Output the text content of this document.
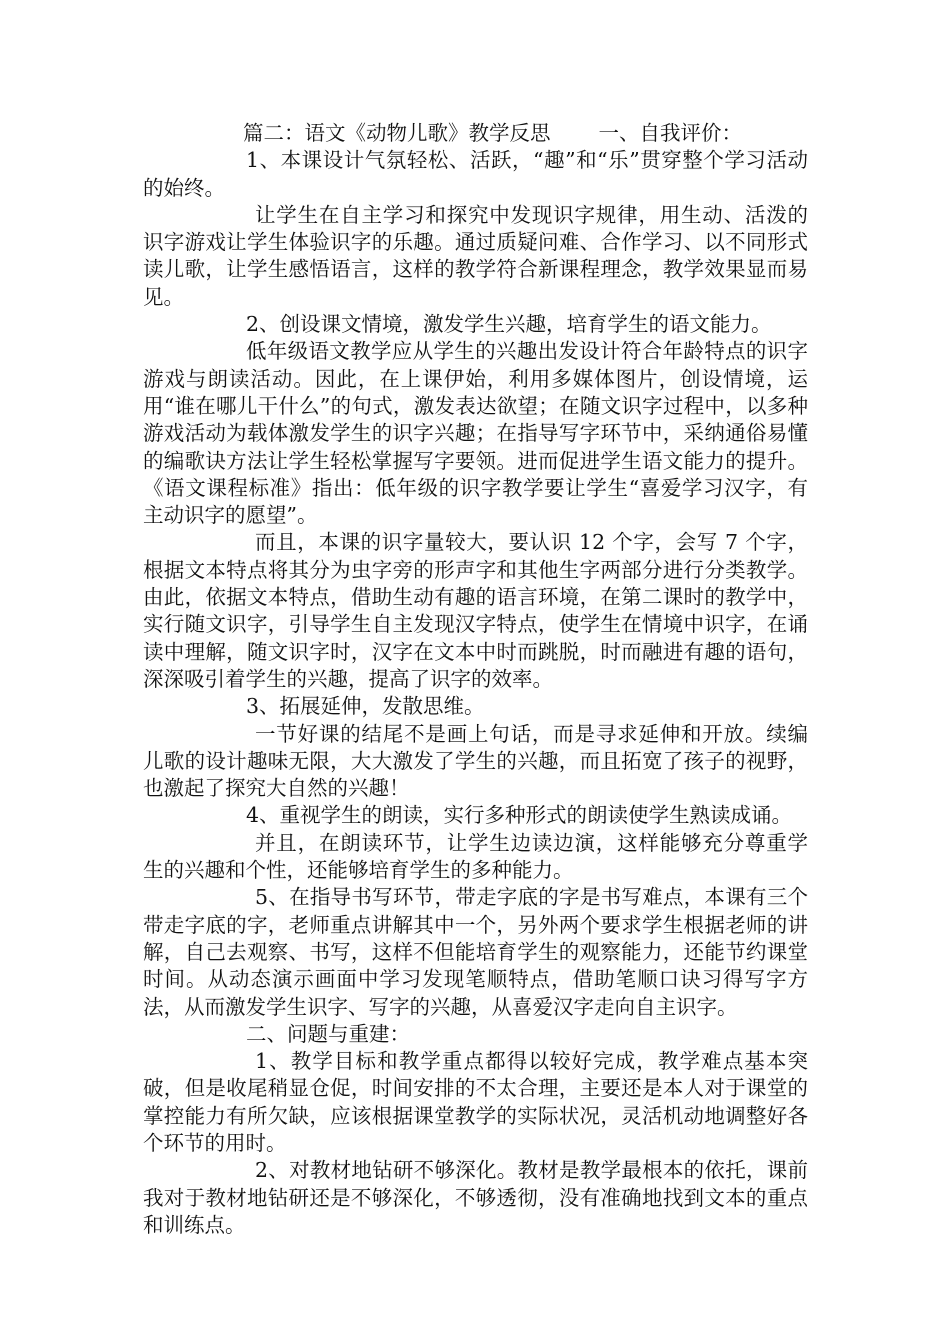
篇二：语文《动物儿歌》教学反思 一、自我评价：

1、本课设计气氛轻松、活跃，“趣”和“乐”贯穿整个学习活动的始终。

让学生在自主学习和探究中发现识字规律，用生动、活泼的识字游戏让学生体验识字的乐趣。通过质疑问难、合作学习、以不同形式读儿歌，让学生感悟语言，这样的教学符合新课程理念，教学效果显而易见。

2、创设课文情境，激发学生兴趣，培育学生的语文能力。

低年级语文教学应从学生的兴趣出发设计符合年龄特点的识字游戏与朗读活动。因此，在上课伊始，利用多媒体图片，创设情境，运用“谁在哪儿干什么”的句式，激发表达欲望；在随文识字过程中，以多种游戏活动为载体激发学生的识字兴趣；在指导写字环节中，采纳通俗易懂的编歌诀方法让学生轻松掌握写字要领。进而促进学生语文能力的提升。《语文课程标准》指出：低年级的识字教学要让学生“喜爱学习汉字，有主动识字的愿望”。

而且，本课的识字量较大，要认识 12 个字，会写 7 个字，根据文本特点将其分为虫字旁的形声字和其他生字两部分进行分类教学。由此，依据文本特点，借助生动有趣的语言环境，在第二课时的教学中，实行随文识字，引导学生自主发现汉字特点，使学生在情境中识字，在诵读中理解，随文识字时，汉字在文本中时而跳脱，时而融进有趣的语句，深深吸引着学生的兴趣，提高了识字的效率。

3、拓展延伸，发散思维。

一节好课的结尾不是画上句话，而是寻求延伸和开放。续编儿歌的设计趣味无限，大大激发了学生的兴趣，而且拓宽了孩子的视野，也激起了探究大自然的兴趣！

4、重视学生的朗读，实行多种形式的朗读使学生熟读成诵。

并且，在朗读环节，让学生边读边演，这样能够充分尊重学生的兴趣和个性，还能够培育学生的多种能力。

5、在指导书写环节，带走字底的字是书写难点，本课有三个带走字底的字，老师重点讲解其中一个，另外两个要求学生根据老师的讲解，自己去观察、书写，这样不但能培育学生的观察能力，还能节约课堂时间。从动态演示画面中学习发现笔顺特点，借助笔顺口诀习得写字方法，从而激发学生识字、写字的兴趣，从喜爱汉字走向自主识字。

二、问题与重建：

1、教学目标和教学重点都得以较好完成，教学难点基本突破，但是收尾稍显仓促，时间安排的不太合理，主要还是本人对于课堂的掌控能力有所欠缺，应该根据课堂教学的实际状况，灵活机动地调整好各个环节的用时。

2、对教材地钻研不够深化。教材是教学最根本的依托，课前我对于教材地钻研还是不够深化，不够透彻，没有准确地找到文本的重点和训练点。
